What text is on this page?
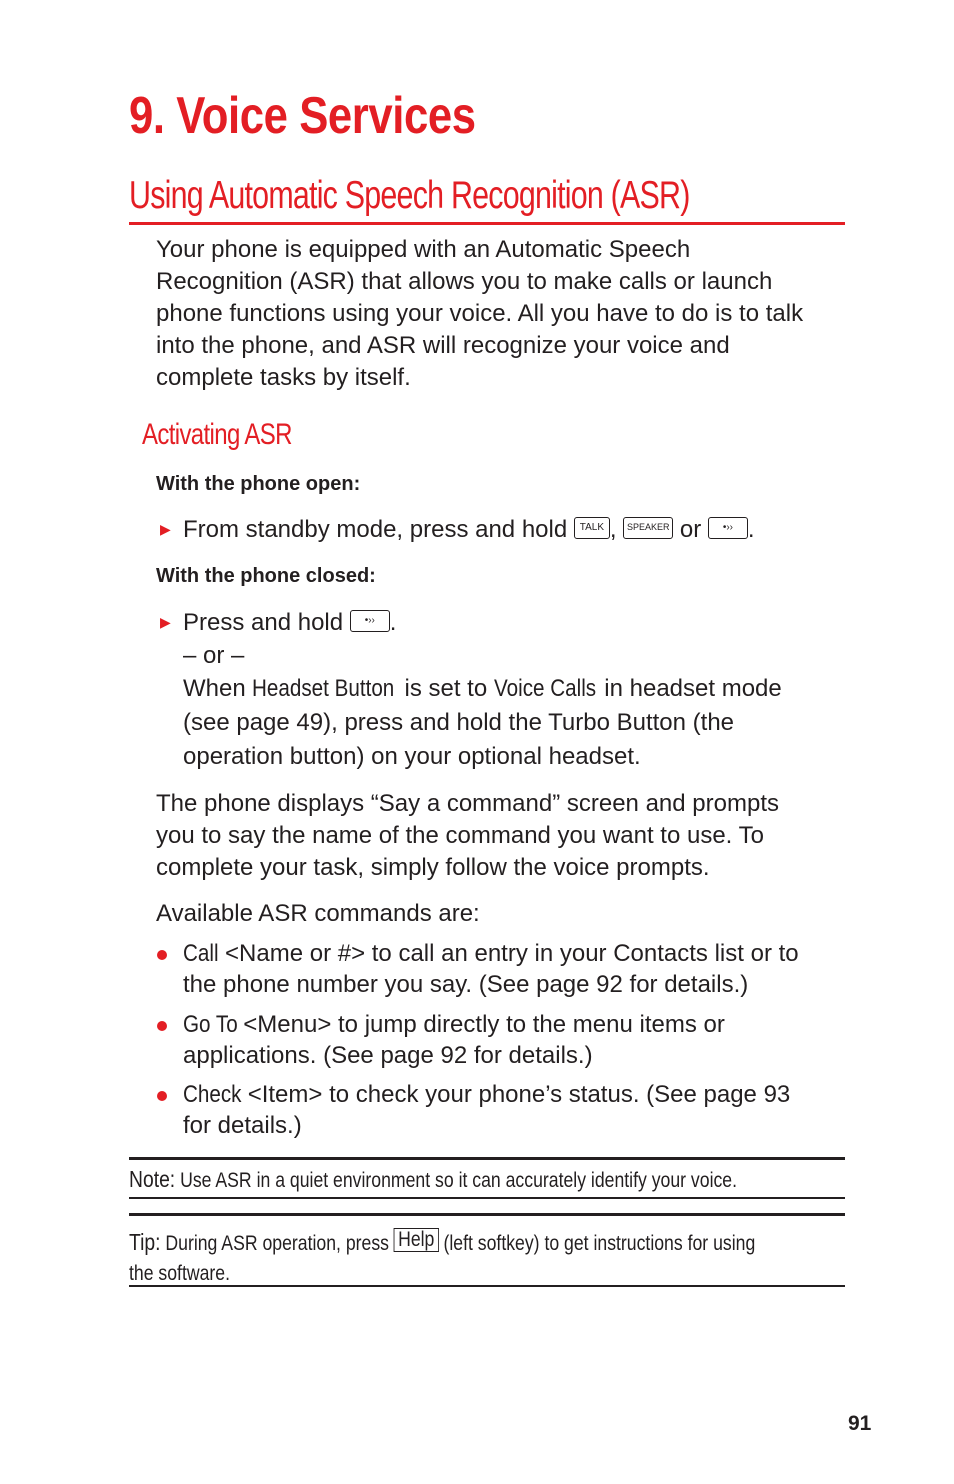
9. Voice Services
Using Automatic Speech Recognition (ASR)
Your phone is equipped with an Automatic Speech
Recognition (ASR) that allows you to make calls or launch
phone functions using your voice. All you have to do is to talk
into the phone, and ASR will recognize your voice and
complete tasks by itself.
Activating ASR
With the phone open:
▶ From standby mode, press and hold TALK , SPEAKER or •›› .
With the phone closed:
▶ Press and hold •›› .
– or –
When Headset Button is set to Voice Calls in headset mode
(see page 49), press and hold the Turbo Button (the
operation button) on your optional headset.
The phone displays “Say a command” screen and prompts
you to say the name of the command you want to use. To
complete your task, simply follow the voice prompts.
Available ASR commands are:
Call <Name or #> to call an entry in your Contacts list or to
the phone number you say. (See page 92 for details.)
Go To <Menu> to jump directly to the menu items or
applications. (See page 92 for details.)
Check <Item> to check your phone’s status. (See page 93
for details.)
Note: Use ASR in a quiet environment so it can accurately identify your voice.
Tip: During ASR operation, press Help (left softkey) to get instructions for using
the software.
91
